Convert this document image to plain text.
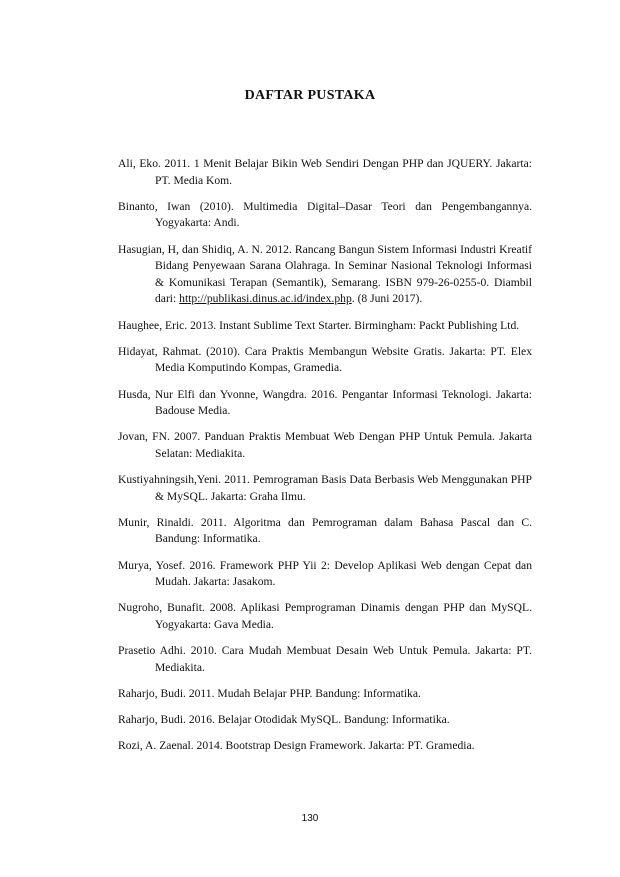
DAFTAR PUSTAKA

Ali, Eko. 2011. 1 Menit Belajar Bikin Web Sendiri Dengan PHP dan JQUERY. Jakarta: PT. Media Kom.

Binanto, Iwan (2010). Multimedia Digital–Dasar Teori dan Pengembangannya. Yogyakarta: Andi.

Hasugian, H, dan Shidiq, A. N. 2012. Rancang Bangun Sistem Informasi Industri Kreatif Bidang Penyewaan Sarana Olahraga. In Seminar Nasional Teknologi Informasi & Komunikasi Terapan (Semantik), Semarang. ISBN 979-26-0255-0. Diambil dari: http://publikasi.dinus.ac.id/index.php. (8 Juni 2017).

Haughee, Eric. 2013. Instant Sublime Text Starter. Birmingham: Packt Publishing Ltd.

Hidayat, Rahmat. (2010). Cara Praktis Membangun Website Gratis. Jakarta: PT. Elex Media Komputindo Kompas, Gramedia.

Husda, Nur Elfi dan Yvonne, Wangdra. 2016. Pengantar Informasi Teknologi. Jakarta: Badouse Media.

Jovan, FN. 2007. Panduan Praktis Membuat Web Dengan PHP Untuk Pemula. Jakarta Selatan: Mediakita.

Kustiyahningsih,Yeni. 2011. Pemrograman Basis Data Berbasis Web Menggunakan PHP & MySQL. Jakarta: Graha Ilmu.

Munir, Rinaldi. 2011. Algoritma dan Pemrograman dalam Bahasa Pascal dan C. Bandung: Informatika.

Murya, Yosef. 2016. Framework PHP Yii 2: Develop Aplikasi Web dengan Cepat dan Mudah. Jakarta: Jasakom.

Nugroho, Bunafit. 2008. Aplikasi Pemprograman Dinamis dengan PHP dan MySQL. Yogyakarta: Gava Media.

Prasetio Adhi. 2010. Cara Mudah Membuat Desain Web Untuk Pemula. Jakarta: PT. Mediakita.

Raharjo, Budi. 2011. Mudah Belajar PHP. Bandung: Informatika.

Raharjo, Budi. 2016. Belajar Otodidak MySQL. Bandung: Informatika.

Rozi, A. Zaenal. 2014. Bootstrap Design Framework. Jakarta: PT. Gramedia.

130
